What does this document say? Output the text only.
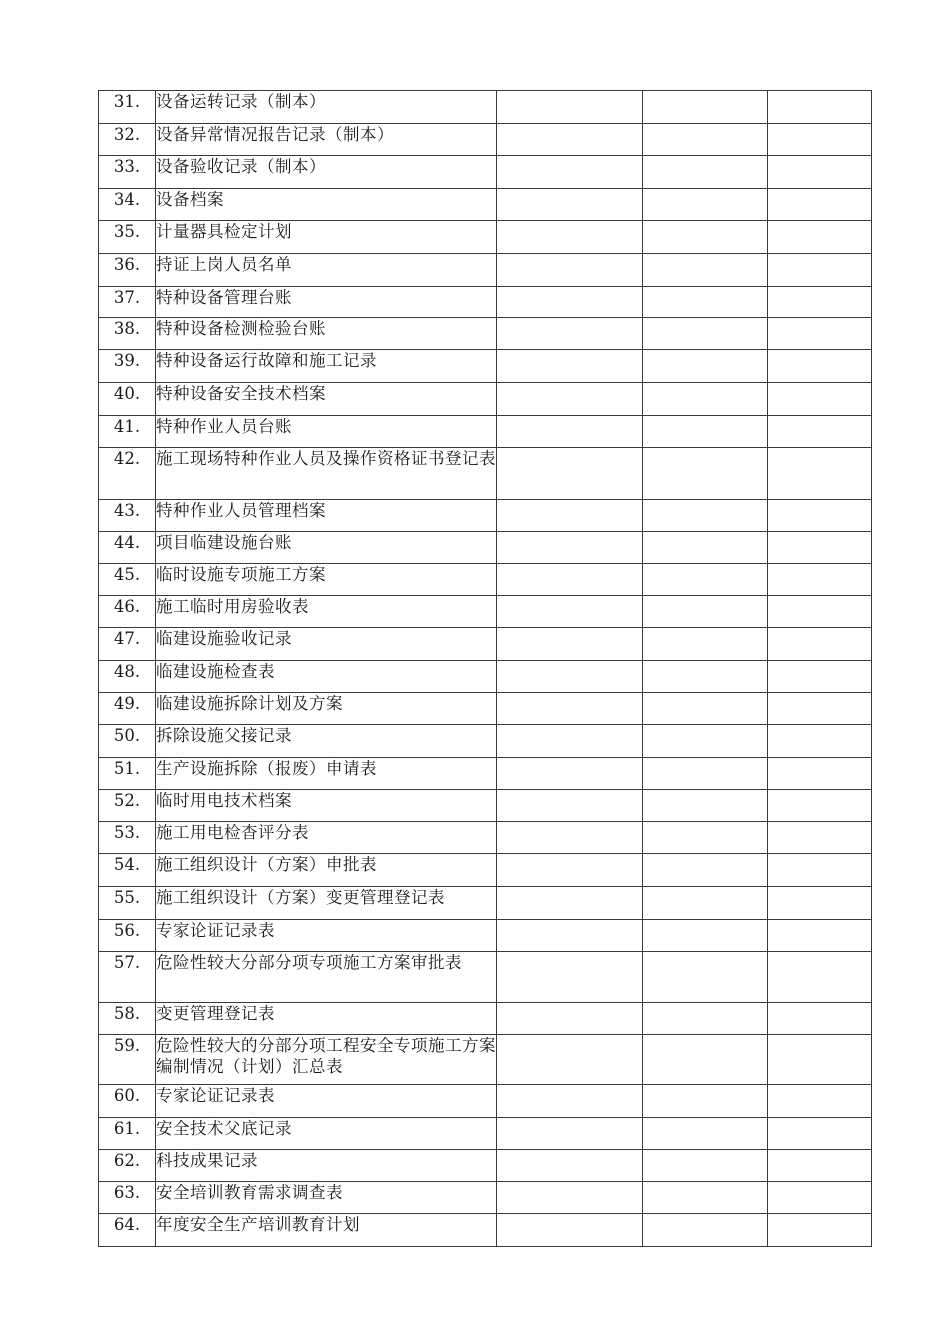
31.	设备运转记录（制本）			

32.	设备异常情况报告记录（制本）			

33.	设备验收记录（制本）			

34.	设备档案			

35.	计量器具检定计划			

36.	持证上岗人员名单			

37.	特种设备管理台账			

38.	特种设备检测检验台账			

39.	特种设备运行故障和施工记录			

40.	特种设备安全技术档案			

41.	特种作业人员台账			

42.	施工现场特种作业人员及操作资格证书登记表			

43.	特种作业人员管理档案			

44.	项目临建设施台账			

45.	临时设施专项施工方案			

46.	施工临时用房验收表			

47.	临建设施验收记录			

48.	临建设施检查表			

49.	临建设施拆除计划及方案			

50.	拆除设施父接记录			

51.	生产设施拆除（报废）申请表			

52.	临时用电技术档案			

53.	施工用电检杳评分表			

54.	施工组织设计（方案）申批表			

55.	施工组织设计（方案）变更管理登记表			

56.	专家论证记录表			

57.	危险性较大分部分项专项施工方案审批表			

58.	变更管理登记表			

59.	危险性较大的分部分项工程安全专项施工方案编制情况（计划）汇总表			

60.	专家论证记录表			

61.	安全技术父底记录			

62.	科技成果记录			

63.	安全培训教育需求调查表			

64.	年度安全生产培训教育计划			
